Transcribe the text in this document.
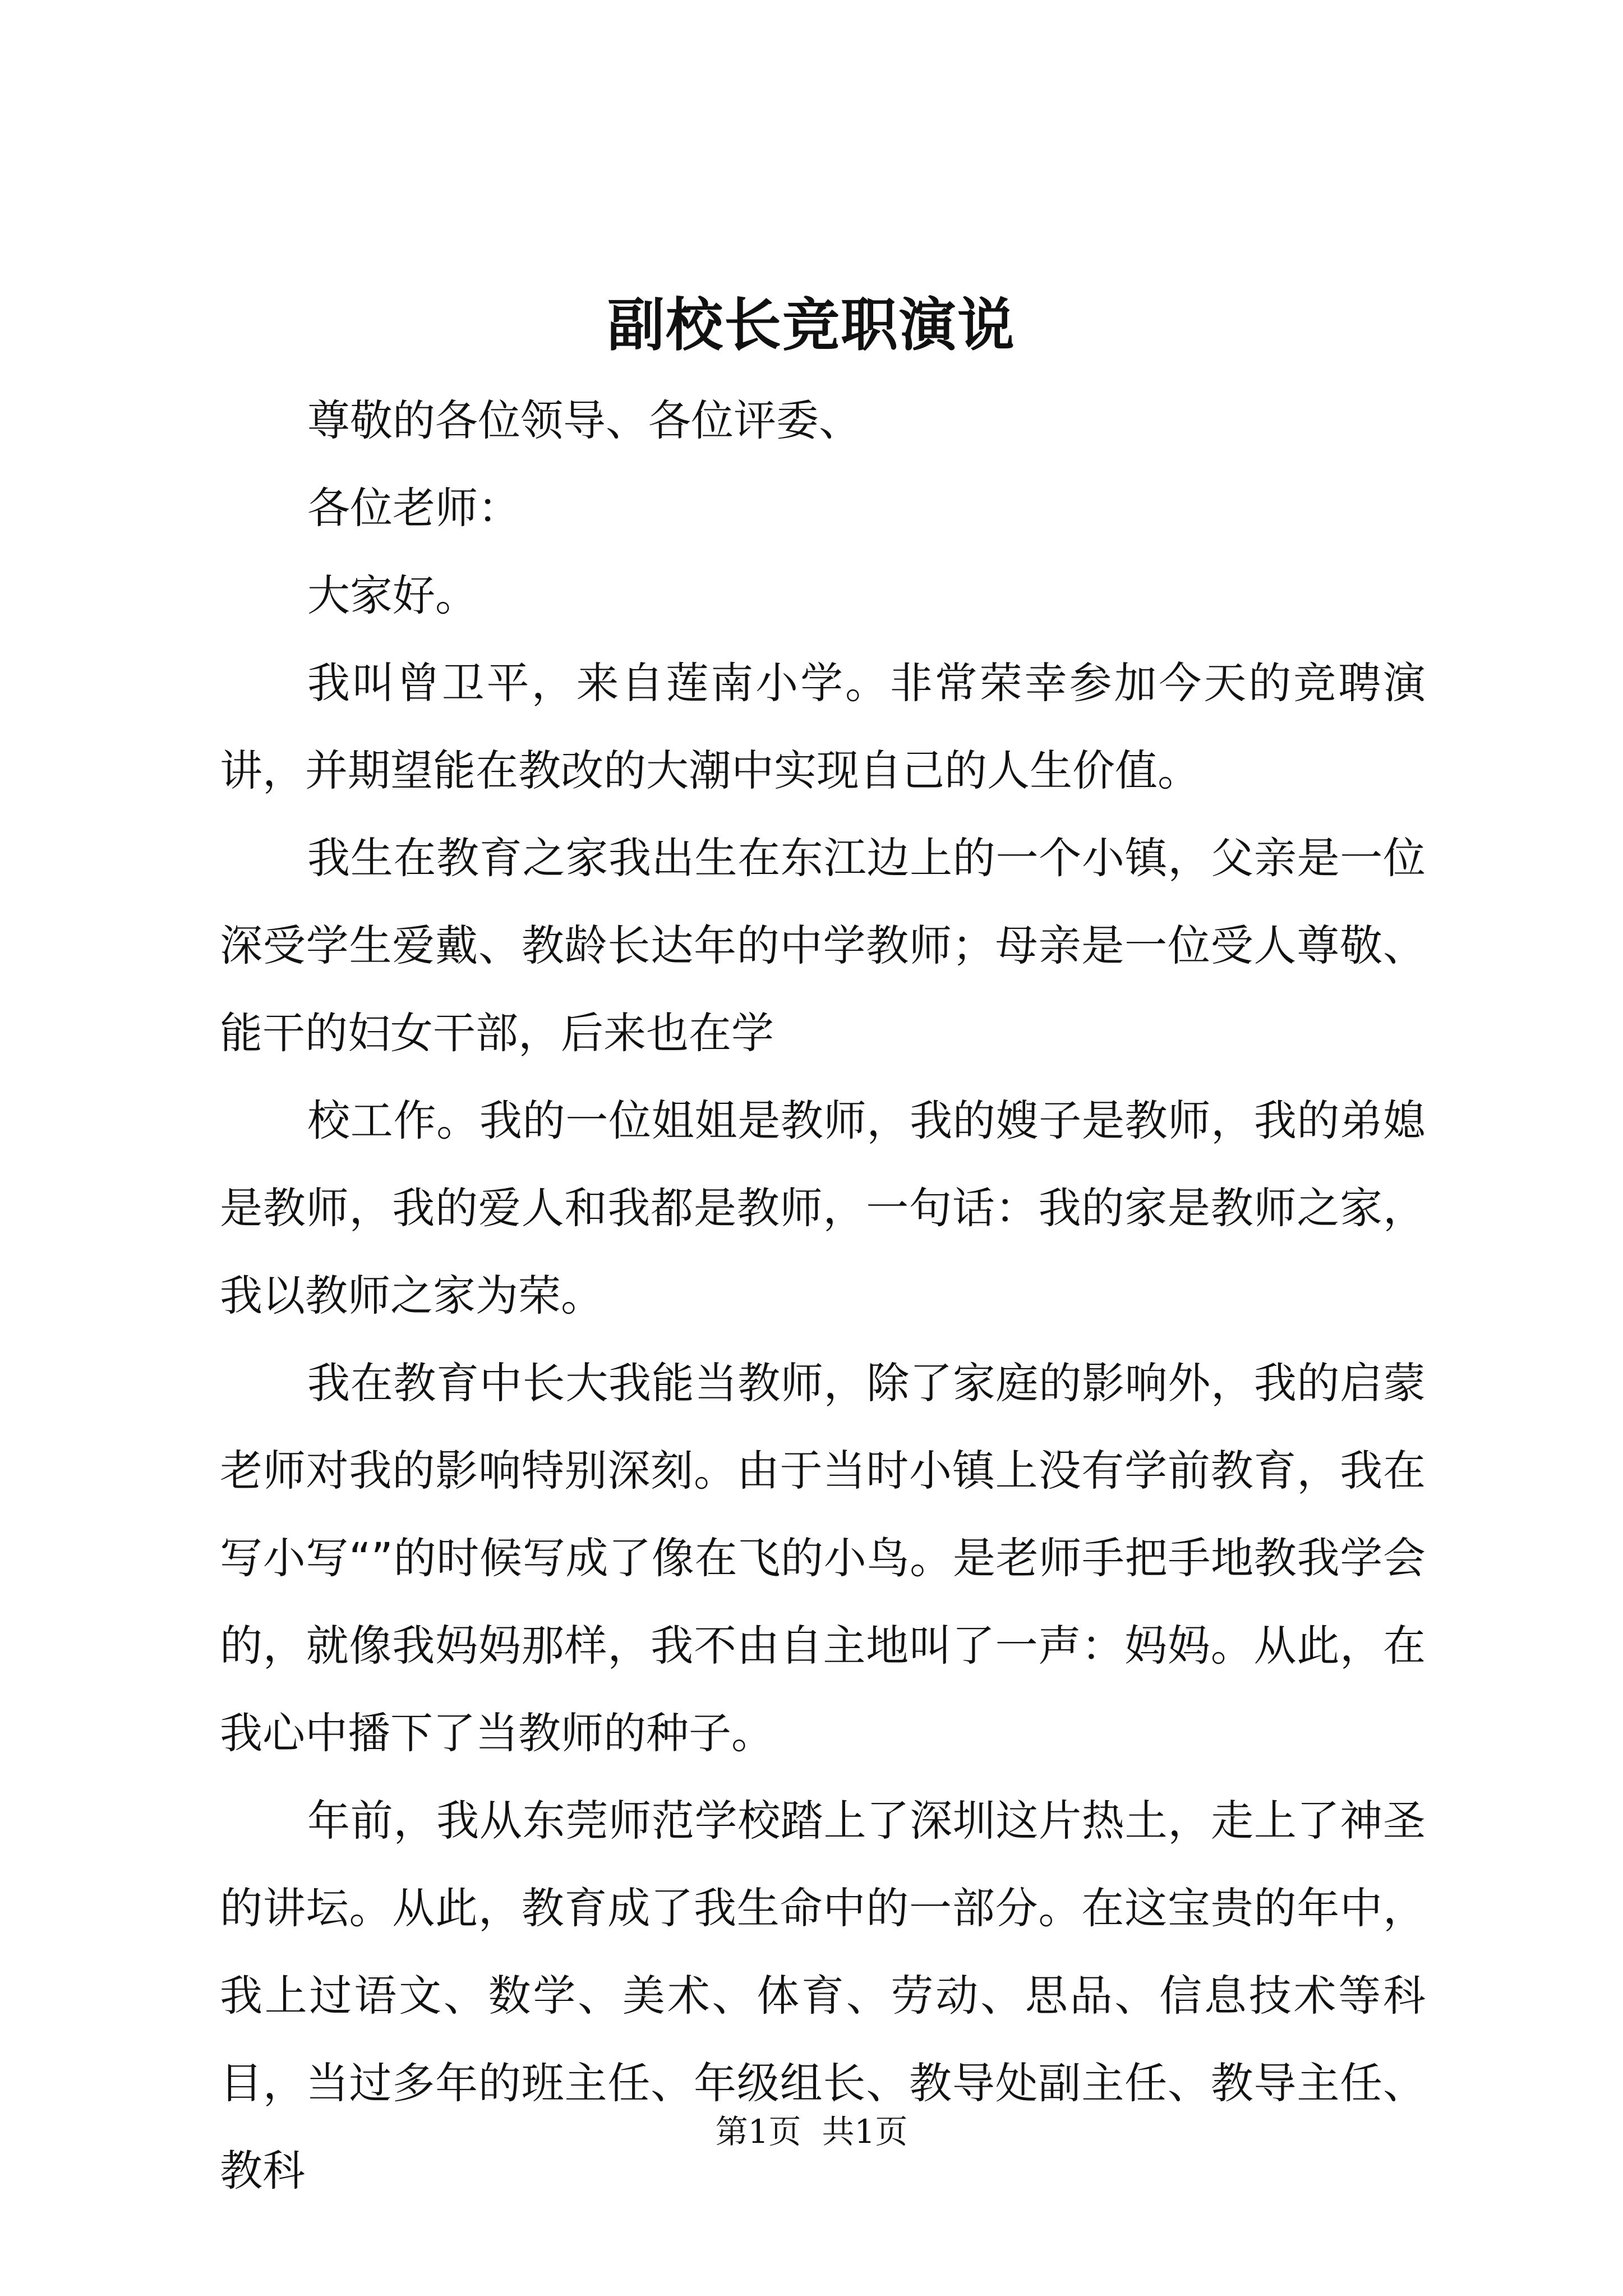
副校长竞职演说

尊敬的各位领导、各位评委、

各位老师：

大家好。

我叫曾卫平，来自莲南小学。非常荣幸参加今天的竞聘演讲，并期望能在教改的大潮中实现自己的人生价值。

我生在教育之家我出生在东江边上的一个小镇，父亲是一位深受学生爱戴、教龄长达年的中学教师；母亲是一位受人尊敬、能干的妇女干部，后来也在学

校工作。我的一位姐姐是教师，我的嫂子是教师，我的弟媳是教师，我的爱人和我都是教师，一句话：我的家是教师之家，我以教师之家为荣。

我在教育中长大我能当教师，除了家庭的影响外，我的启蒙老师对我的影响特别深刻。由于当时小镇上没有学前教育，我在写小写“”的时候写成了像在飞的小鸟。是老师手把手地教我学会的，就像我妈妈那样，我不由自主地叫了一声：妈妈。从此，在我心中播下了当教师的种子。

年前，我从东莞师范学校踏上了深圳这片热土，走上了神圣的讲坛。从此，教育成了我生命中的一部分。在这宝贵的年中，我上过语文、数学、美术、体育、劳动、思品、信息技术等科目，当过多年的班主任、年级组长、教导处副主任、教导主任、教科

第1页 共1页
